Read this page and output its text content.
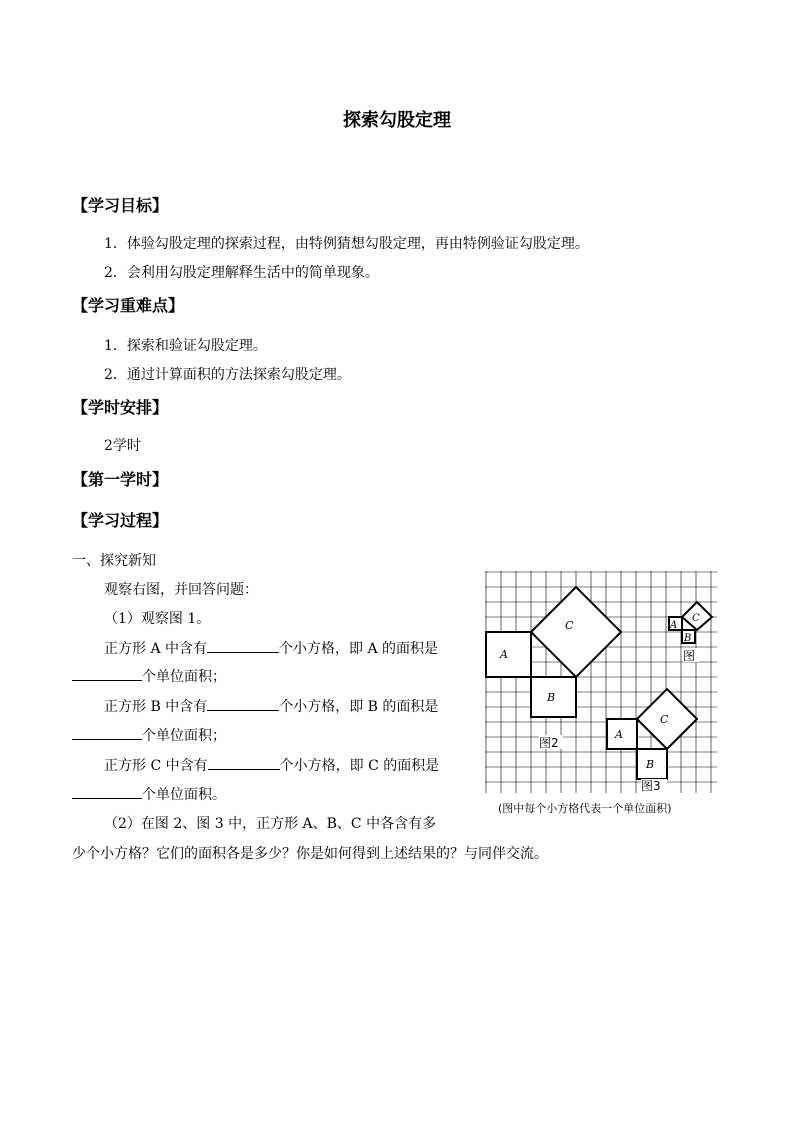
探索勾股定理
【学习目标】
1．体验勾股定理的探索过程，由特例猜想勾股定理，再由特例验证勾股定理。
2．会利用勾股定理解释生活中的简单现象。
【学习重难点】
1．探索和验证勾股定理。
2．通过计算面积的方法探索勾股定理。
【学时安排】
2学时
【第一学时】
【学习过程】
一、探究新知
观察右图，并回答问题：
（1）观察图 1。
正方形 A 中含有	个小方格，即 A 的面积是
个单位面积；
正方形 B 中含有	个小方格，即 B 的面积是
个单位面积；
正方形 C 中含有	个小方格，即 C 的面积是
个单位面积。
（2）在图 2、图 3 中，正方形 A、B、C 中各含有多
少个小方格？它们的面积各是多少？你是如何得到上述结果的？与同伴交流。
A
B
C	A
B
C
A
B
C
图
图2
图3
(图中每个小方格代表一个单位面积)
